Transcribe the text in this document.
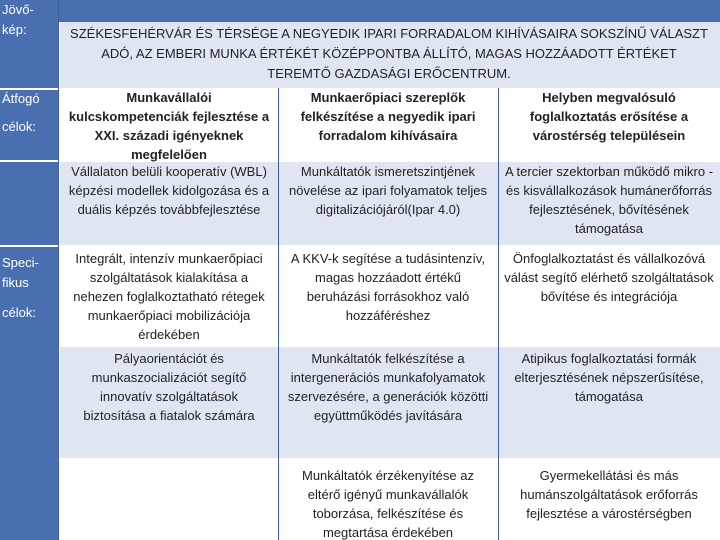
Jövő-
kép:
Átfogó
célok:
Speci-
fikus
célok:
SZÉKESFEHÉRVÁR ÉS TÉRSÉGE A NEGYEDIK IPARI FORRADALOM KIHÍVÁSAIRA SOKSZÍNŰ VÁLASZT ADÓ, AZ EMBERI MUNKA ÉRTÉKÉT KÖZÉPPONTBA ÁLLÍTÓ, MAGAS HOZZÁADOTT ÉRTÉKET TEREMTŐ GAZDASÁGI ERŐCENTRUM.
Munkavállalói
kulcskompetenciák fejlesztése a XXI. századi igényeknek megfelelően
Munkaerőpiaci szereplők
felkészítése a negyedik ipari forradalom kihívásaira
Helyben megvalósuló
foglalkoztatás erősítése a várostérség településein
Vállalaton belüli kooperatív (WBL) képzési modellek kidolgozása és a duális képzés továbbfejlesztése
Munkáltatók ismeretszintjének növelése az ipari folyamatok teljes digitalizációjáról(Ipar 4.0)
A tercier szektorban működő mikro - és kisvállalkozások humánerőforrás fejlesztésének, bővítésének támogatása
Integrált, intenzív munkaerőpiaci szolgáltatások kialakítása a nehezen foglalkoztatható rétegek munkaerőpiaci mobilizációja érdekében
A KKV-k segítése a tudásintenzív, magas hozzáadott értékű beruházási forrásokhoz való hozzáféréshez
Önfoglalkoztatást és vállalkozóvá válást segítő elérhető szolgáltatások bővítése és integrációja
Pályaorientációt és munkaszocializációt segítő innovatív szolgáltatások biztosítása a fiatalok számára
Munkáltatók felkészítése a intergenerációs munkafolyamatok szervezésére, a generációk közötti együttműködés javítására
Atipikus foglalkoztatási formák elterjesztésének népszerűsítése, támogatása
Munkáltatók érzékenyítése az eltérő igényű munkavállalók toborzása, felkészítése és megtartása érdekében
Gyermekellátási és más humánszolgáltatások erőforrás fejlesztése a várostérségben
